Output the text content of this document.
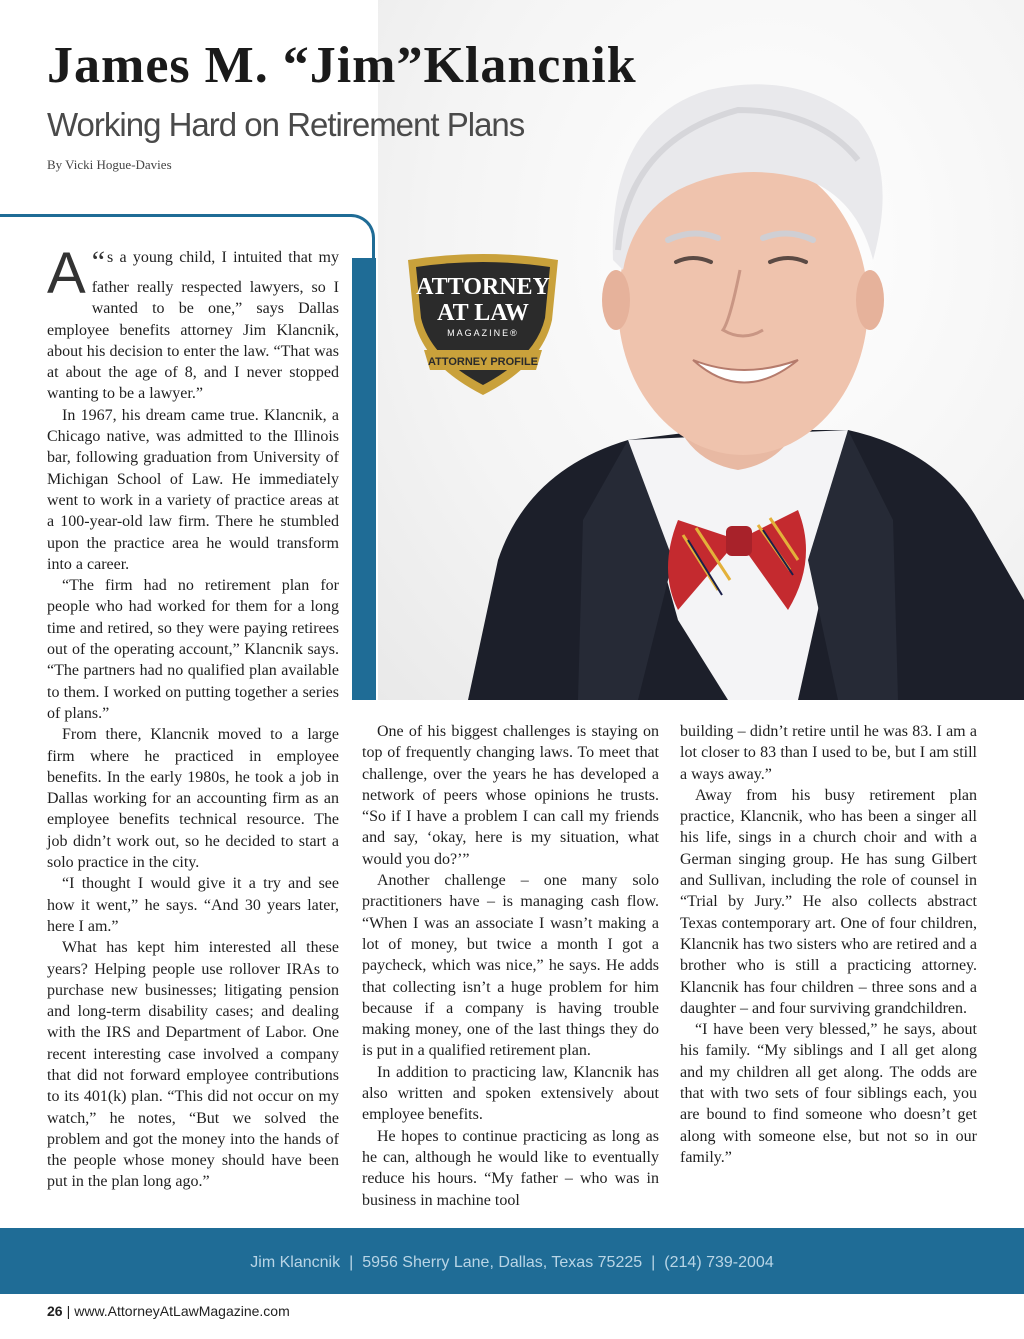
ATTORNEY
AT LAW
MAGAZINE®
ATTORNEY PROFILE
James M. “Jim”Klancnik
Working Hard on Retirement Plans
By Vicki Hogue-Davies

“
A s a young child, I intuited that my father really respected lawyers, so I wanted to be one,” says Dallas employee benefits attorney Jim Klancnik, about his decision to enter the law. “That was at about the age of 8, and I never stopped wanting to be a lawyer.”

In 1967, his dream came true. Klancnik, a Chicago native, was admitted to the Illinois bar, following graduation from University of Michigan School of Law. He immediately went to work in a variety of practice areas at a 100-year-old law firm. There he stumbled upon the practice area he would transform into a career.

“The firm had no retirement plan for people who had worked for them for a long time and retired, so they were paying retirees out of the operating account,” Klancnik says. “The partners had no qualified plan available to them. I worked on putting together a series of plans.”

From there, Klancnik moved to a large firm where he practiced in employee benefits. In the early 1980s, he took a job in Dallas working for an accounting firm as an employee benefits technical resource. The job didn’t work out, so he decided to start a solo practice in the city.

“I thought I would give it a try and see how it went,” he says. “And 30 years later, here I am.”

What has kept him interested all these years? Helping people use rollover IRAs to purchase new businesses; litigating pension and long-term disability cases; and dealing with the IRS and Department of Labor. One recent interesting case involved a company that did not forward employee contributions to its 401(k) plan. “This did not occur on my watch,” he notes, “But we solved the problem and got the money into the hands of the people whose money should have been put in the plan long ago.”

One of his biggest challenges is staying on top of frequently changing laws. To meet that challenge, over the years he has developed a network of peers whose opinions he trusts. “So if I have a problem I can call my friends and say, ‘okay, here is my situation, what would you do?’”

Another challenge – one many solo practitioners have – is managing cash flow. “When I was an associate I wasn’t making a lot of money, but twice a month I got a paycheck, which was nice,” he says. He adds that collecting isn’t a huge problem for him because if a company is having trouble making money, one of the last things they do is put in a qualified retirement plan.

In addition to practicing law, Klancnik has also written and spoken extensively about employee benefits.

He hopes to continue practicing as long as he can, although he would like to eventually reduce his hours. “My father – who was in business in machine tool

building – didn’t retire until he was 83. I am a lot closer to 83 than I used to be, but I am still a ways away.”

Away from his busy retirement plan practice, Klancnik, who has been a singer all his life, sings in a church choir and with a German singing group. He has sung Gilbert and Sullivan, including the role of counsel in “Trial by Jury.” He also collects abstract Texas contemporary art. One of four children, Klancnik has two sisters who are retired and a brother who is still a practicing attorney. Klancnik has four children – three sons and a daughter – and four surviving grandchildren.

“I have been very blessed,” he says, about his family. “My siblings and I all get along and my children all get along. The odds are that with two sets of four siblings each, you are bound to find someone who doesn’t get along with someone else, but not so in our family.”

Jim Klancnik | 5956 Sherry Lane, Dallas, Texas 75225 | (214) 739-2004
26 | www.AttorneyAtLawMagazine.com
